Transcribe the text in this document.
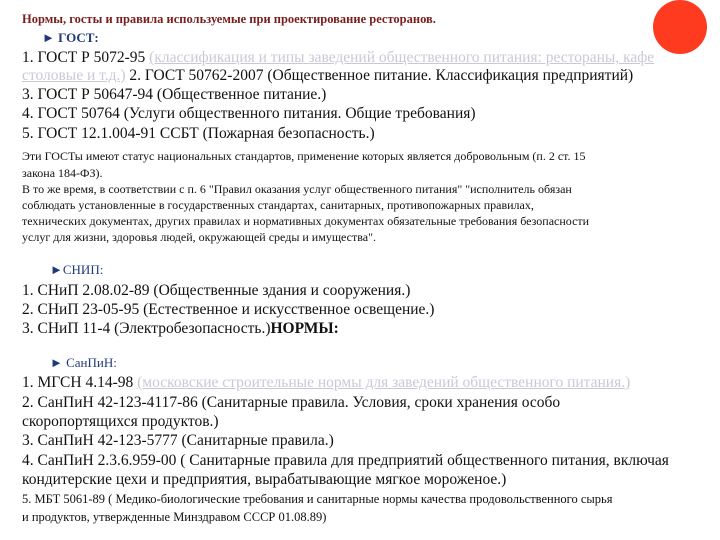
Нормы, госты и правила используемые при проектирование ресторанов.
► ГОСТ:
1. ГОСТ Р 5072-95 (классификация и типы заведений общественного питания: рестораны, кафе
столовые и т.д.) 2. ГОСТ 50762-2007 (Общественное питание. Классификация предприятий)
3. ГОСТ Р 50647-94 (Общественное питание.)
4. ГОСТ 50764 (Услуги общественного питания. Общие требования)
5. ГОСТ 12.1.004-91 ССБТ (Пожарная безопасность.)
Эти ГОСТы имеют статус национальных стандартов, применение которых является добровольным (п. 2 ст. 15
закона 184-ФЗ).
В то же время, в соответствии с п. 6 "Правил оказания услуг общественного питания" "исполнитель обязан
соблюдать установленные в государственных стандартах, санитарных, противопожарных правилах,
технических документах, других правилах и нормативных документах обязательные требования безопасности
услуг для жизни, здоровья людей, окружающей среды и имущества".
►СНИП:
1. СНиП 2.08.02-89 (Общественные здания и сооружения.)
2. СНиП 23-05-95 (Естественное и искусственное освещение.)
3. СНиП 11-4 (Электробезопасность.)НОРМЫ:
► СанПиН:
1. МГСН 4.14-98 (московские строительные нормы для заведений общественного питания.)
2. СанПиН 42-123-4117-86 (Санитарные правила. Условия, сроки хранения особо
скоропортящихся продуктов.)
3. СанПиН 42-123-5777 (Санитарные правила.)
4. СанПиН 2.3.6.959-00 ( Санитарные правила для предприятий общественного питания, включая
кондитерские цехи и предприятия, вырабатывающие мягкое мороженое.)
5. МБТ 5061-89 ( Медико-биологические требования и санитарные нормы качества продовольственного сырья
и продуктов, утвержденные Минздравом СССР 01.08.89)
